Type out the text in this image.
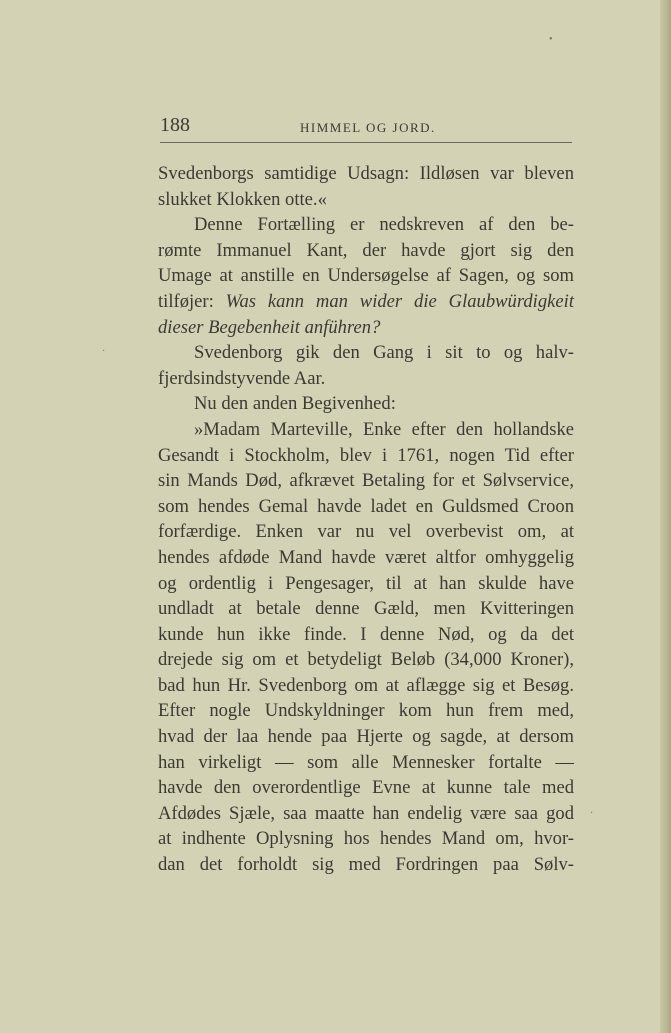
188	HIMMEL OG JORD.
Svedenborgs samtidige Udsagn: Ildløsen var bleven
slukket Klokken otte.«
Denne Fortælling er nedskreven af den be-
rømte Immanuel Kant, der havde gjort sig den
Umage at anstille en Undersøgelse af Sagen, og som
tilføjer: Was kann man wider die Glaubwürdigkeit
dieser Begebenheit anführen?
Svedenborg gik den Gang i sit to og halv-
fjerdsindstyvende Aar.
Nu den anden Begivenhed:
»Madam Marteville, Enke efter den hollandske
Gesandt i Stockholm, blev i 1761, nogen Tid efter
sin Mands Død, afkrævet Betaling for et Sølvservice,
som hendes Gemal havde ladet en Guldsmed Croon
forfærdige. Enken var nu vel overbevist om, at
hendes afdøde Mand havde været altfor omhyggelig
og ordentlig i Pengesager, til at han skulde have
undladt at betale denne Gæld, men Kvitteringen
kunde hun ikke finde. I denne Nød, og da det
drejede sig om et betydeligt Beløb (34,000 Kroner),
bad hun Hr. Svedenborg om at aflægge sig et Besøg.
Efter nogle Undskyldninger kom hun frem med,
hvad der laa hende paa Hjerte og sagde, at dersom
han virkeligt — som alle Mennesker fortalte —
havde den overordentlige Evne at kunne tale med
Afdødes Sjæle, saa maatte han endelig være saa god
at indhente Oplysning hos hendes Mand om, hvor-
dan det forholdt sig med Fordringen paa Sølv-
•
·
·
